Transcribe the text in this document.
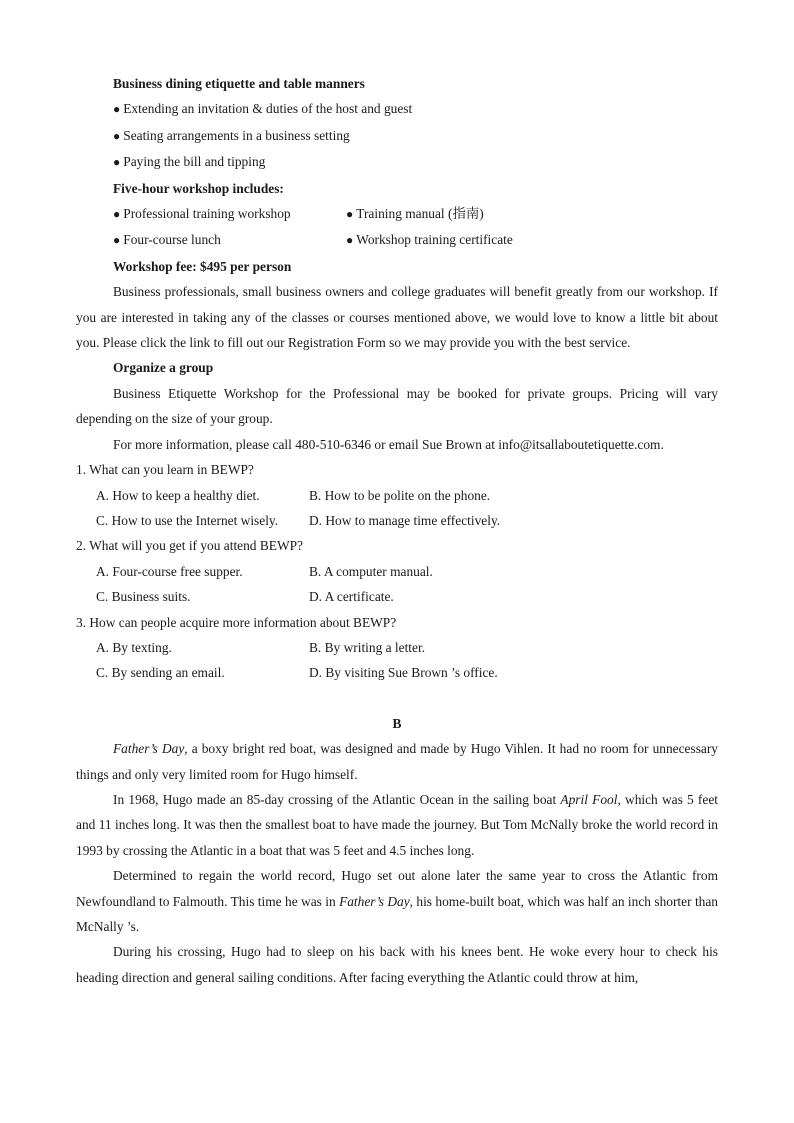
Business dining etiquette and table manners
● Extending an invitation & duties of the host and guest
● Seating arrangements in a business setting
● Paying the bill and tipping
Five-hour workshop includes:
● Professional training workshop	● Training manual (指南)
● Four-course lunch	● Workshop training certificate
Workshop fee: $495 per person

Business professionals, small business owners and college graduates will benefit greatly from our workshop. If you are interested in taking any of the classes or courses mentioned above, we would love to know a little bit about you. Please click the link to fill out our Registration Form so we may provide you with the best service.

Organize a group

Business Etiquette Workshop for the Professional may be booked for private groups. Pricing will vary depending on the size of your group.

For more information, please call 480-510-6346 or email Sue Brown at info@itsallaboutetiquette.com.

1. What can you learn in BEWP?
A. How to keep a healthy diet.	B. How to be polite on the phone.
C. How to use the Internet wisely.	D. How to manage time effectively.
2. What will you get if you attend BEWP?
A. Four-course free supper.	B. A computer manual.
C. Business suits.	D. A certificate.
3. How can people acquire more information about BEWP?
A. By texting.	B. By writing a letter.
C. By sending an email.	D. By visiting Sue Brown ’s office.
B

Father’s Day, a boxy bright red boat, was designed and made by Hugo Vihlen. It had no room for unnecessary things and only very limited room for Hugo himself.

In 1968, Hugo made an 85-day crossing of the Atlantic Ocean in the sailing boat April Fool, which was 5 feet and 11 inches long. It was then the smallest boat to have made the journey. But Tom McNally broke the world record in 1993 by crossing the Atlantic in a boat that was 5 feet and 4.5 inches long.

Determined to regain the world record, Hugo set out alone later the same year to cross the Atlantic from Newfoundland to Falmouth. This time he was in Father’s Day, his home-built boat, which was half an inch shorter than McNally ’s.

During his crossing, Hugo had to sleep on his back with his knees bent. He woke every hour to check his heading direction and general sailing conditions. After facing everything the Atlantic could throw at him,
